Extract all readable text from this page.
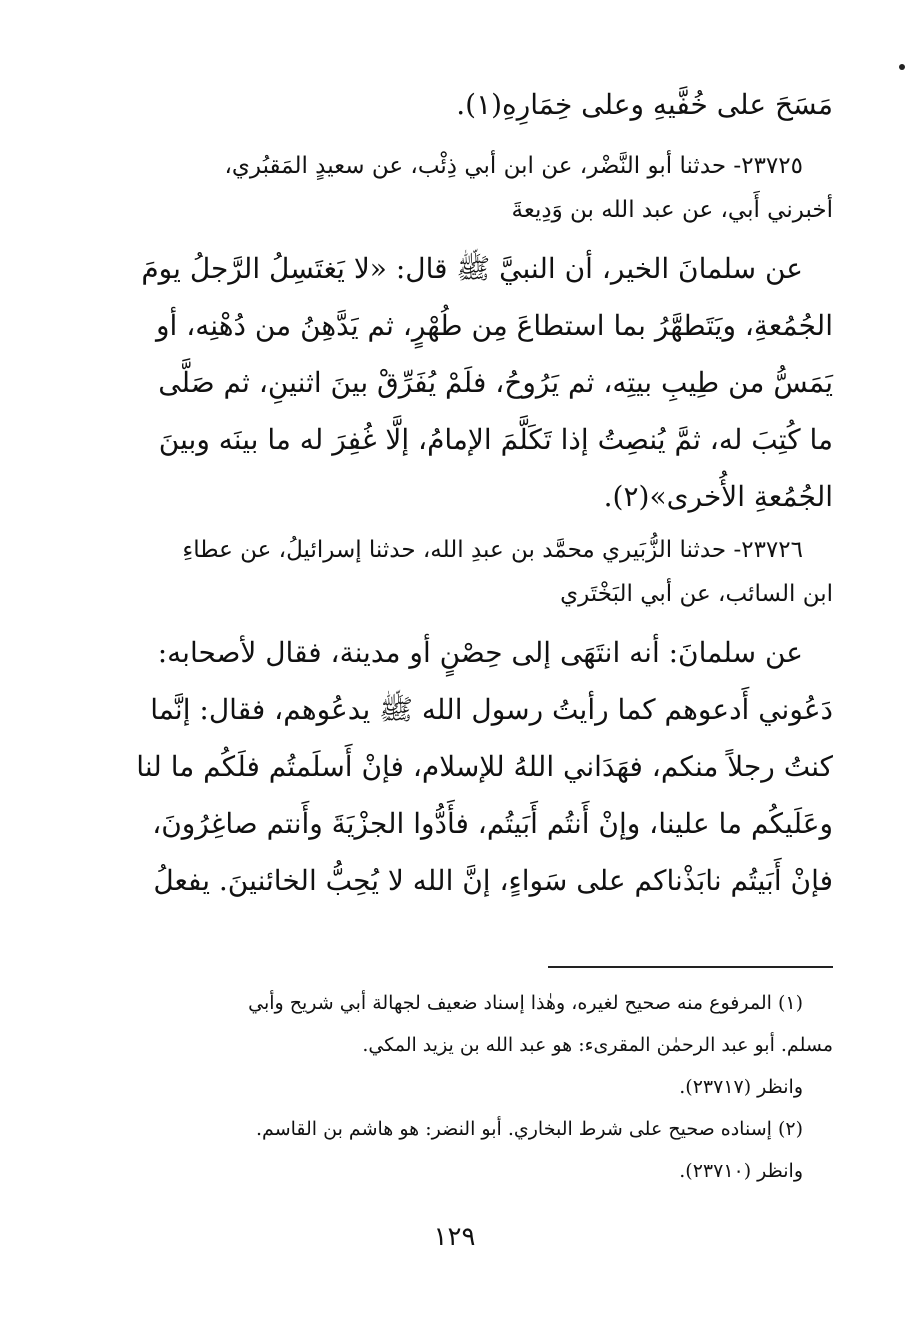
مَسَحَ على خُفَّيهِ وعلى خِمَارِهِ(١).
٢٣٧٢٥- حدثنا أبو النَّضْر، عن ابن أبي ذِئْب، عن سعيدٍ المَقبُري،
أخبرني أَبي، عن عبد الله بن وَدِيعةَ
عن سلمانَ الخير، أن النبيَّ ﷺ قال: «لا يَغتَسِلُ الرَّجلُ يومَ
الجُمُعةِ، ويَتَطهَّرُ بما استطاعَ مِن طُهْرٍ، ثم يَدَّهِنُ من دُهْنِه، أو
يَمَسُّ من طِيبِ بيتِه، ثم يَرُوحُ، فلَمْ يُفَرِّقْ بينَ اثنينِ، ثم صَلَّى
ما كُتِبَ له، ثمَّ يُنصِتُ إذا تَكَلَّمَ الإمامُ، إلَّا غُفِرَ له ما بينَه وبينَ
الجُمُعةِ الأُخرى»(٢).
٢٣٧٢٦- حدثنا الزُّبَيري محمَّد بن عبدِ الله، حدثنا إسرائيلُ، عن عطاءِ
ابن السائب، عن أبي البَخْتَري
عن سلمانَ: أنه انتَهَى إلى حِصْنٍ أو مدينة، فقال لأصحابه:
دَعُوني أَدعوهم كما رأيتُ رسول الله ﷺ يدعُوهم، فقال: إنَّما
كنتُ رجلاً منكم، فهَدَاني اللهُ للإسلام، فإنْ أَسلَمتُم فلَكُم ما لنا
وعَلَيكُم ما علينا، وإنْ أَنتُم أَبَيتُم، فأَدُّوا الجزْيَةَ وأَنتم صاغِرُونَ،
فإنْ أَبَيتُم نابَذْناكم على سَواءٍ، إنَّ الله لا يُحِبُّ الخائنينَ. يفعلُ
(١) المرفوع منه صحيح لغيره، وهٰذا إسناد ضعيف لجهالة أبي شريح وأبي
مسلم. أبو عبد الرحمٰن المقرىء: هو عبد الله بن يزيد المكي.
وانظر (٢٣٧١٧).
(٢) إسناده صحيح على شرط البخاري. أبو النضر: هو هاشم بن القاسم.
وانظر (٢٣٧١٠).
١٢٩
